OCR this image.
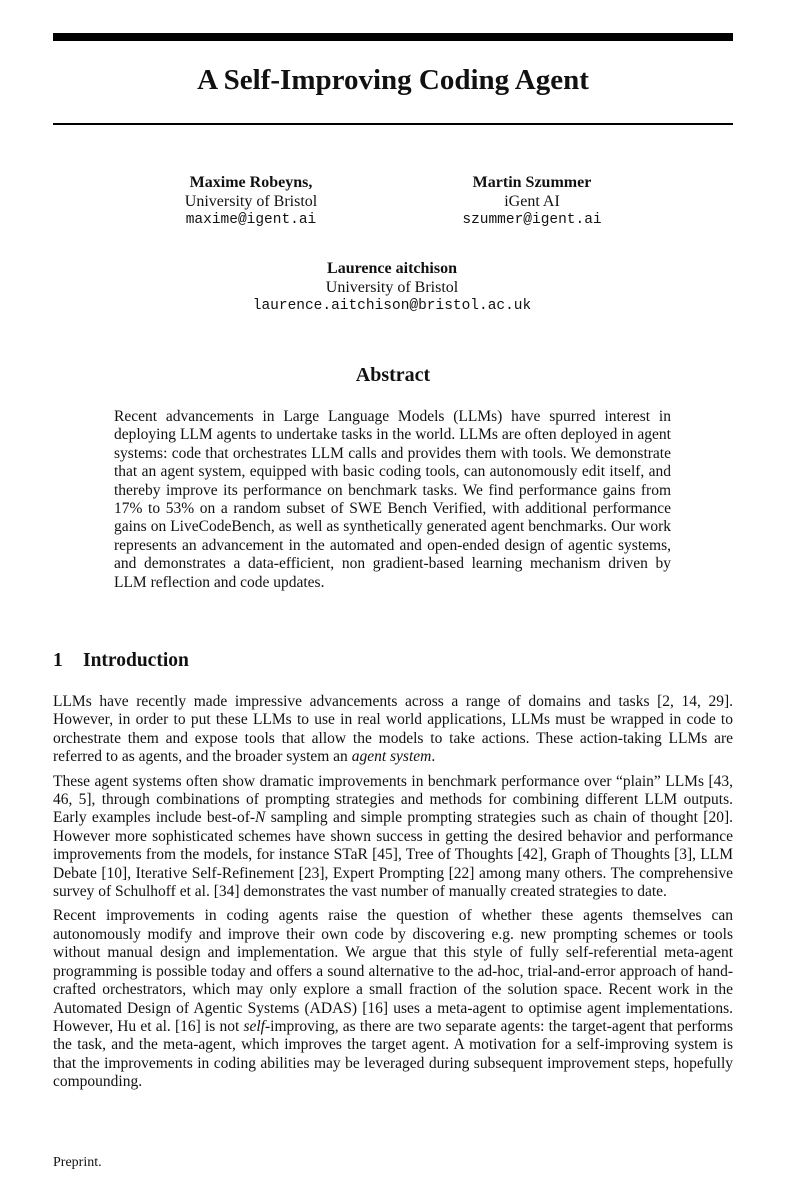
A Self-Improving Coding Agent
Maxime Robeyns,
University of Bristol
maxime@igent.ai
Martin Szummer
iGent AI
szummer@igent.ai
Laurence aitchison
University of Bristol
laurence.aitchison@bristol.ac.uk
Abstract

Recent advancements in Large Language Models (LLMs) have spurred interest in deploying LLM agents to undertake tasks in the world. LLMs are often deployed in agent systems: code that orchestrates LLM calls and provides them with tools. We demonstrate that an agent system, equipped with basic coding tools, can autonomously edit itself, and thereby improve its performance on benchmark tasks. We find performance gains from 17% to 53% on a random subset of SWE Bench Verified, with additional performance gains on LiveCodeBench, as well as synthetically generated agent benchmarks. Our work represents an advancement in the automated and open-ended design of agentic systems, and demonstrates a data-efficient, non gradient-based learning mechanism driven by LLM reflection and code updates.

1 Introduction

LLMs have recently made impressive advancements across a range of domains and tasks [2, 14, 29]. However, in order to put these LLMs to use in real world applications, LLMs must be wrapped in code to orchestrate them and expose tools that allow the models to take actions. These action-taking LLMs are referred to as agents, and the broader system an agent system.

These agent systems often show dramatic improvements in benchmark performance over “plain” LLMs [43, 46, 5], through combinations of prompting strategies and methods for combining different LLM outputs. Early examples include best-of-N sampling and simple prompting strategies such as chain of thought [20]. However more sophisticated schemes have shown success in getting the desired behavior and performance improvements from the models, for instance STaR [45], Tree of Thoughts [42], Graph of Thoughts [3], LLM Debate [10], Iterative Self-Refinement [23], Expert Prompting [22] among many others. The comprehensive survey of Schulhoff et al. [34] demonstrates the vast number of manually created strategies to date.

Recent improvements in coding agents raise the question of whether these agents themselves can autonomously modify and improve their own code by discovering e.g. new prompting schemes or tools without manual design and implementation. We argue that this style of fully self-referential meta-agent programming is possible today and offers a sound alternative to the ad-hoc, trial-and-error approach of hand-crafted orchestrators, which may only explore a small fraction of the solution space. Recent work in the Automated Design of Agentic Systems (ADAS) [16] uses a meta-agent to optimise agent implementations. However, Hu et al. [16] is not self-improving, as there are two separate agents: the target-agent that performs the task, and the meta-agent, which improves the target agent. A motivation for a self-improving system is that the improvements in coding abilities may be leveraged during subsequent improvement steps, hopefully compounding.

Preprint.
